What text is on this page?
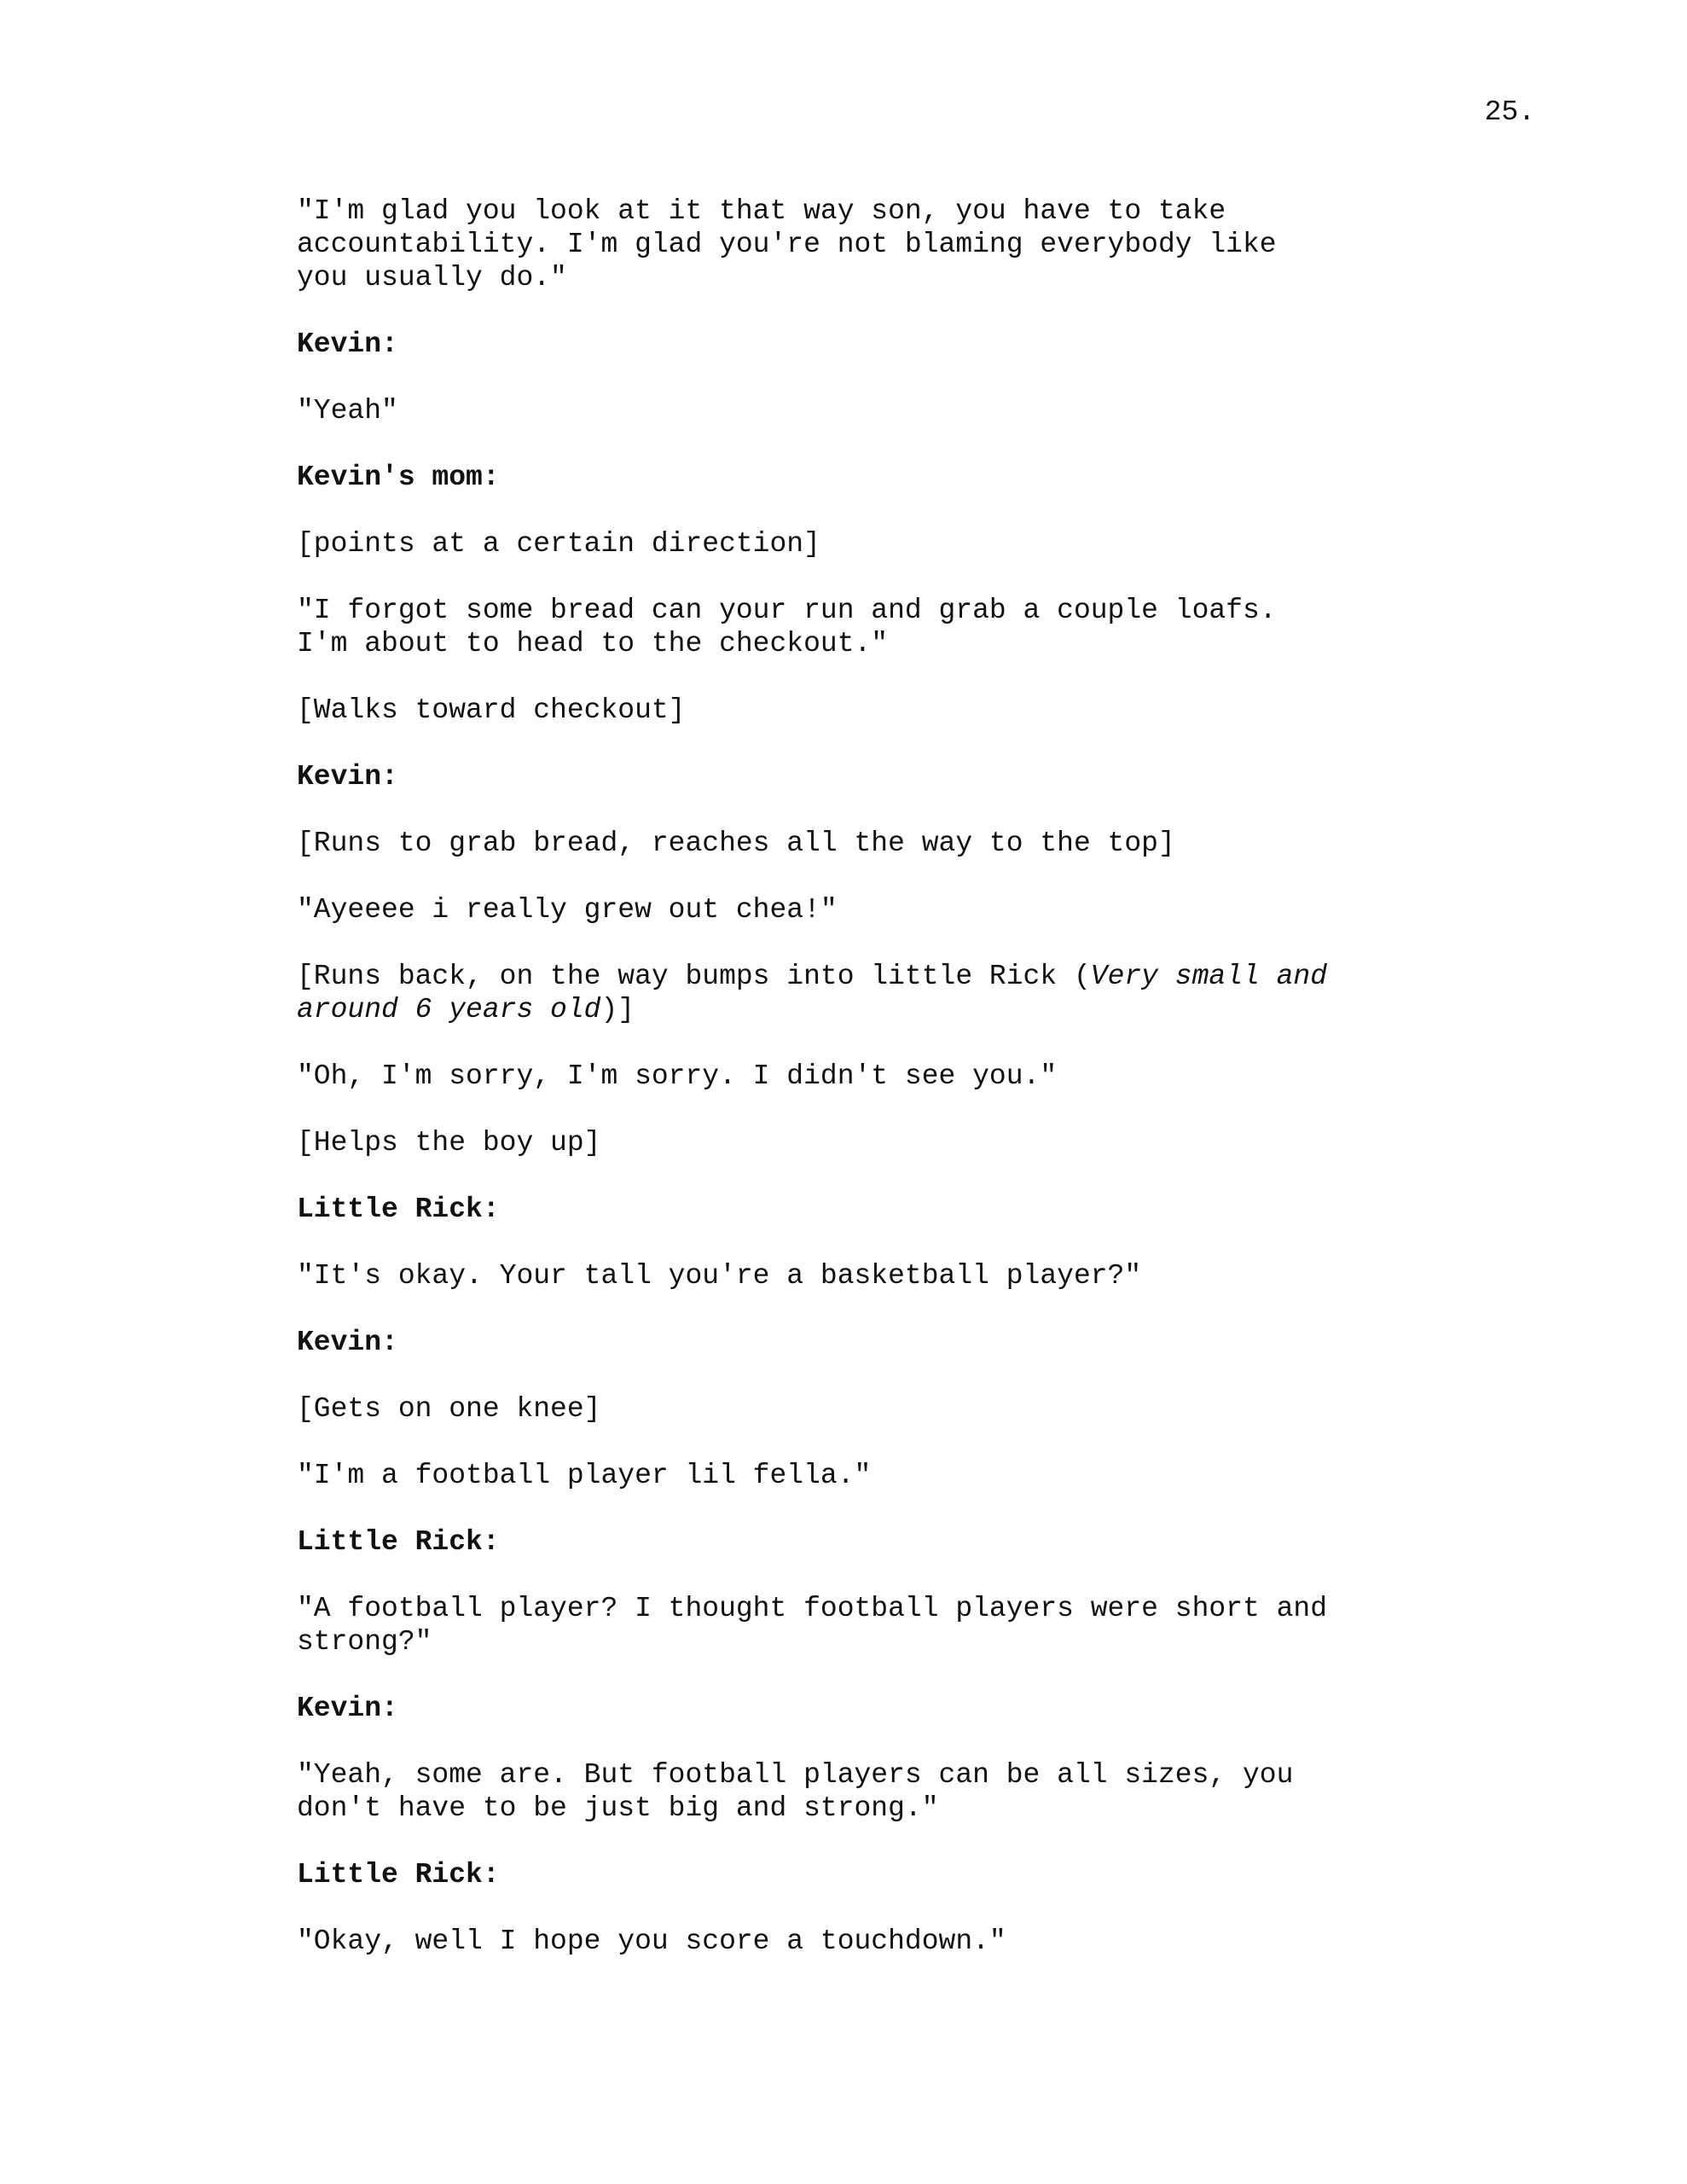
25.
"I'm glad you look at it that way son, you have to take
accountability. I'm glad you're not blaming everybody like
you usually do."
Kevin:
"Yeah"
Kevin's mom:
[points at a certain direction]
"I forgot some bread can your run and grab a couple loafs.
I'm about to head to the checkout."
[Walks toward checkout]
Kevin:
[Runs to grab bread, reaches all the way to the top]
"Ayeeee i really grew out chea!"
[Runs back, on the way bumps into little Rick (Very small and
around 6 years old)]
"Oh, I'm sorry, I'm sorry. I didn't see you."
[Helps the boy up]
Little Rick:
"It's okay. Your tall you're a basketball player?"
Kevin:
[Gets on one knee]
"I'm a football player lil fella."
Little Rick:
"A football player? I thought football players were short and
strong?"
Kevin:
"Yeah, some are. But football players can be all sizes, you
don't have to be just big and strong."
Little Rick:
"Okay, well I hope you score a touchdown."
